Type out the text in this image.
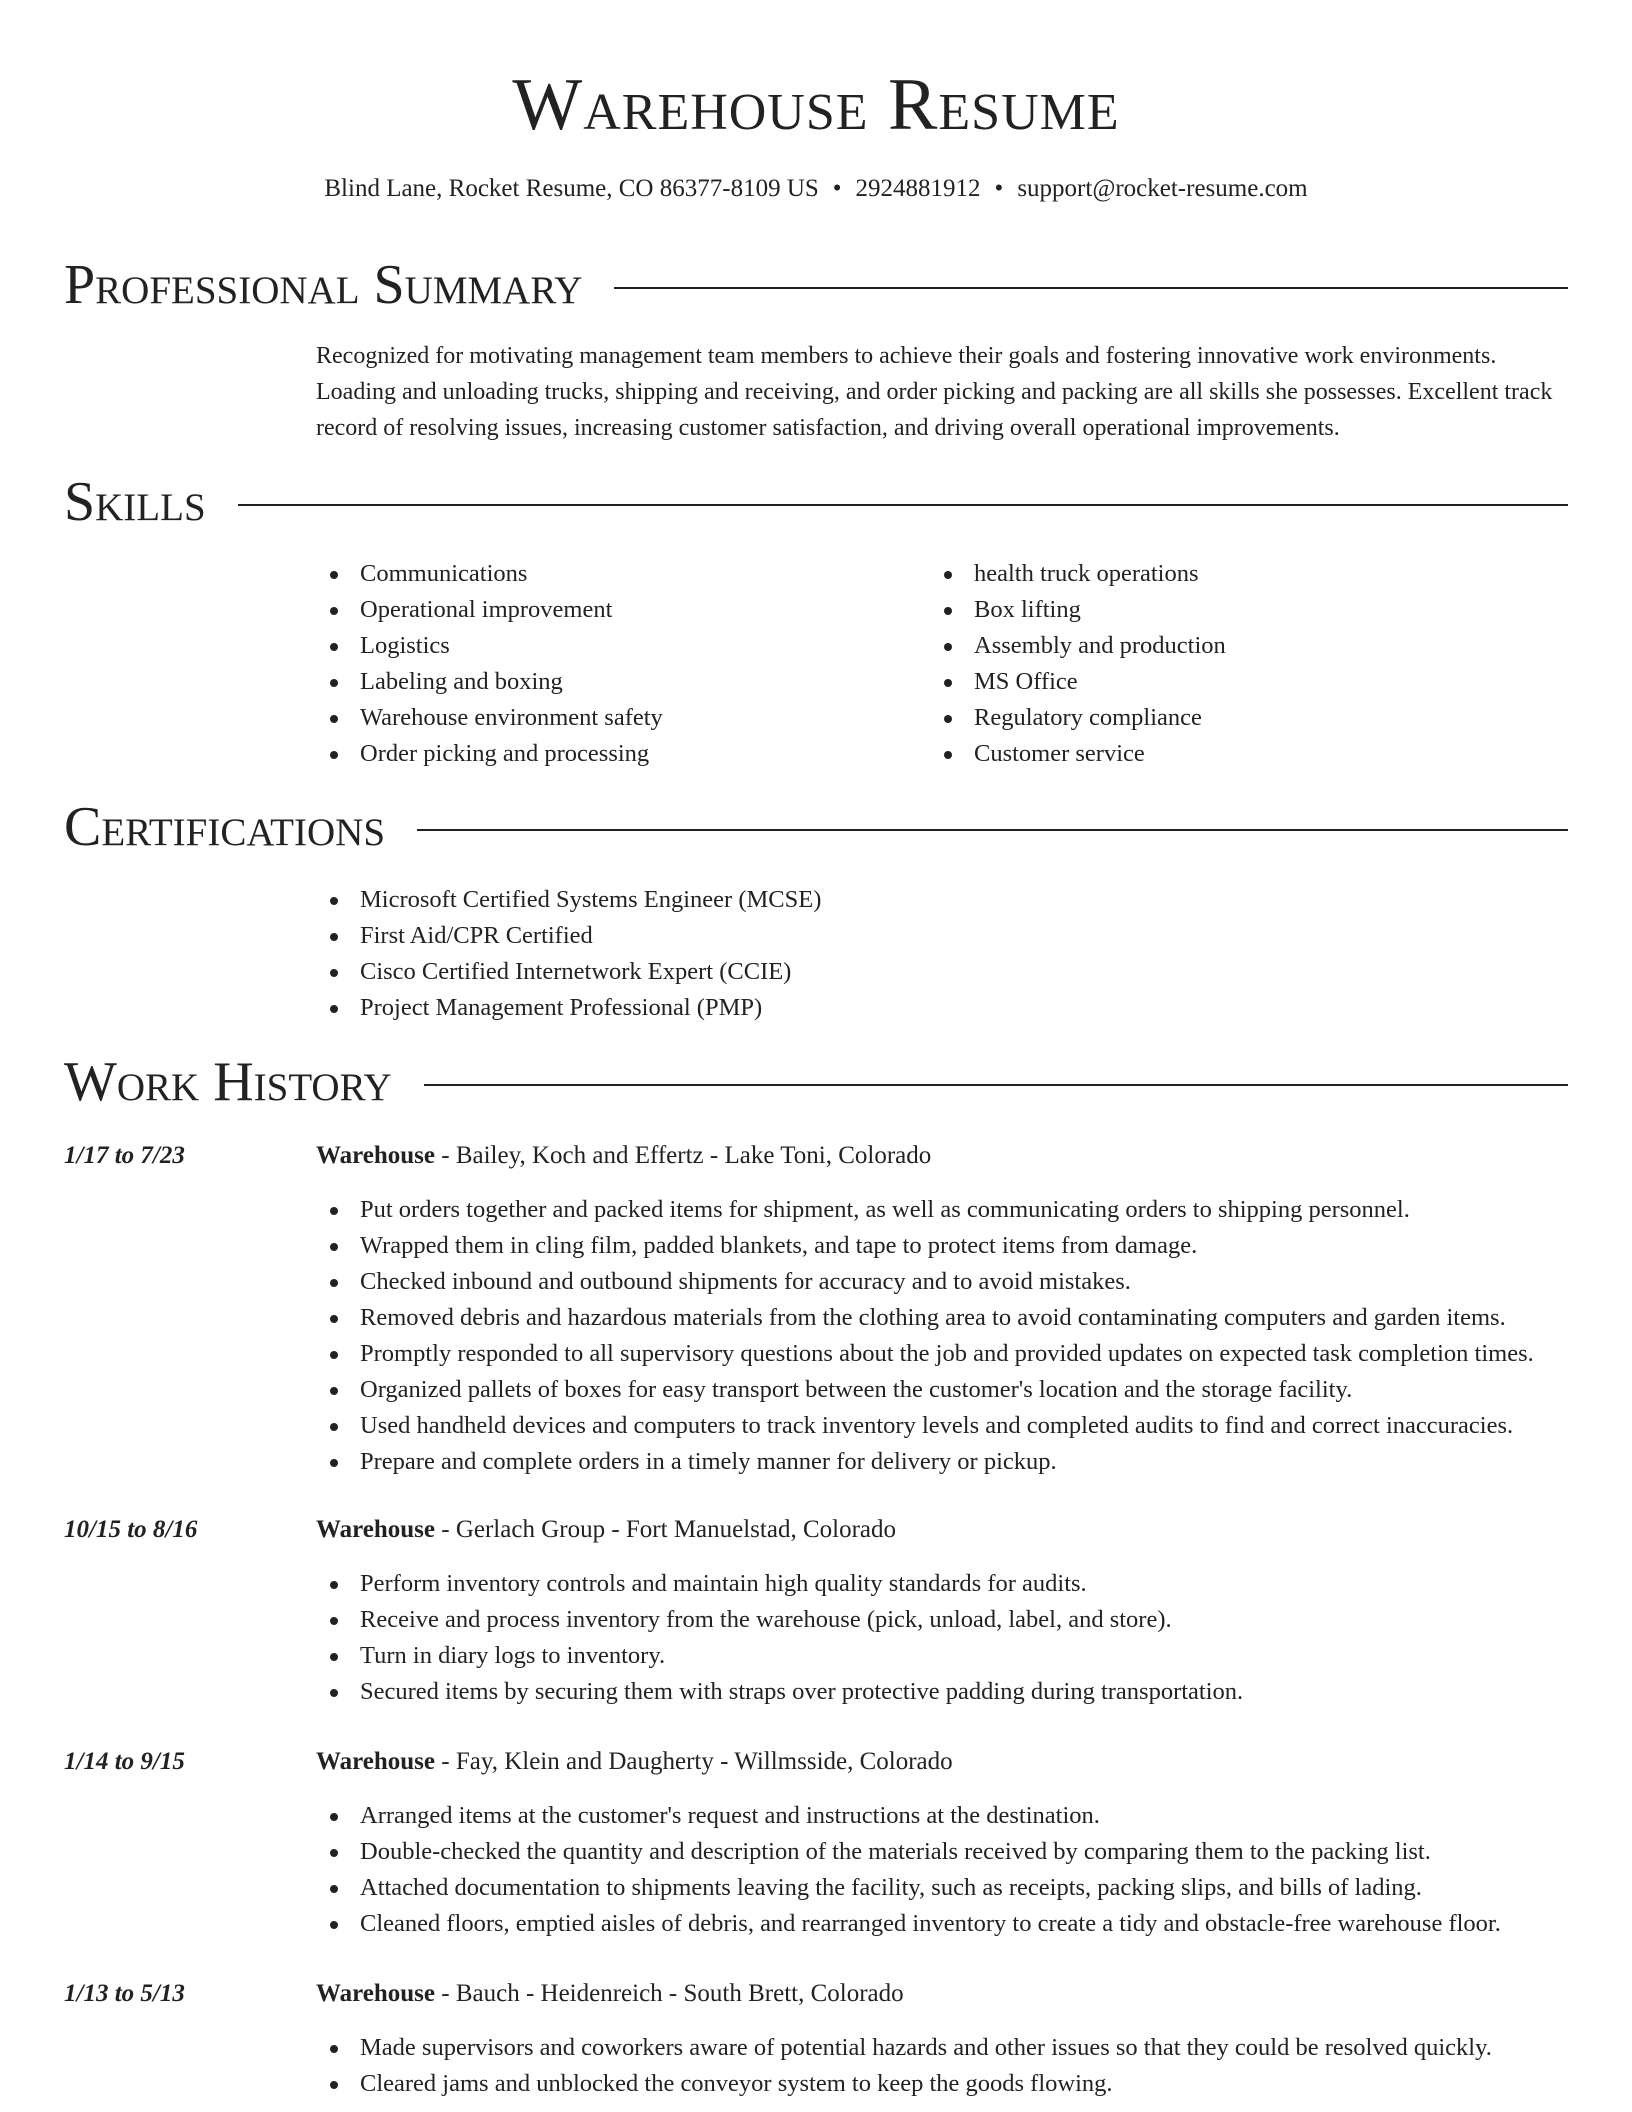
Warehouse Resume
Blind Lane, Rocket Resume, CO 86377-8109 US • 2924881912 • support@rocket-resume.com
Professional Summary

Recognized for motivating management team members to achieve their goals and fostering innovative work environments. Loading and unloading trucks, shipping and receiving, and order picking and packing are all skills she possesses. Excellent track record of resolving issues, increasing customer satisfaction, and driving overall operational improvements.

Skills
Communications
Operational improvement
Logistics
Labeling and boxing
Warehouse environment safety
Order picking and processing
health truck operations
Box lifting
Assembly and production
MS Office
Regulatory compliance
Customer service
Certifications
Microsoft Certified Systems Engineer (MCSE)
First Aid/CPR Certified
Cisco Certified Internetwork Expert (CCIE)
Project Management Professional (PMP)
Work History
1/17 to 7/23	Warehouse - Bailey, Koch and Effertz - Lake Toni, Colorado
Put orders together and packed items for shipment, as well as communicating orders to shipping personnel.
Wrapped them in cling film, padded blankets, and tape to protect items from damage.
Checked inbound and outbound shipments for accuracy and to avoid mistakes.
Removed debris and hazardous materials from the clothing area to avoid contaminating computers and garden items.
Promptly responded to all supervisory questions about the job and provided updates on expected task completion times.
Organized pallets of boxes for easy transport between the customer's location and the storage facility.
Used handheld devices and computers to track inventory levels and completed audits to find and correct inaccuracies.
Prepare and complete orders in a timely manner for delivery or pickup.
10/15 to 8/16	Warehouse - Gerlach Group - Fort Manuelstad, Colorado
Perform inventory controls and maintain high quality standards for audits.
Receive and process inventory from the warehouse (pick, unload, label, and store).
Turn in diary logs to inventory.
Secured items by securing them with straps over protective padding during transportation.
1/14 to 9/15	Warehouse - Fay, Klein and Daugherty - Willmsside, Colorado
Arranged items at the customer's request and instructions at the destination.
Double-checked the quantity and description of the materials received by comparing them to the packing list.
Attached documentation to shipments leaving the facility, such as receipts, packing slips, and bills of lading.
Cleaned floors, emptied aisles of debris, and rearranged inventory to create a tidy and obstacle-free warehouse floor.
1/13 to 5/13	Warehouse - Bauch - Heidenreich - South Brett, Colorado
Made supervisors and coworkers aware of potential hazards and other issues so that they could be resolved quickly.
Cleared jams and unblocked the conveyor system to keep the goods flowing.
